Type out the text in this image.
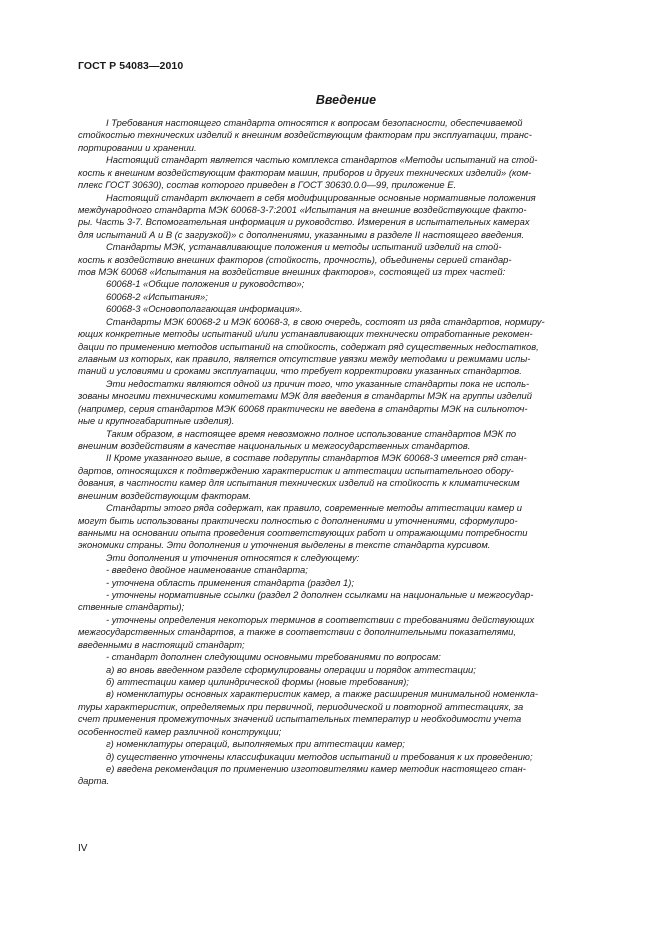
ГОСТ Р 54083—2010
Введение

I Требования настоящего стандарта относятся к вопросам безопасности, обеспечиваемой

стойкостью технических изделий к внешним воздействующим факторам при эксплуатации, транс-

портировании и хранении.

Настоящий стандарт является частью комплекса стандартов «Методы испытаний на стой-

кость к внешним воздействующим факторам машин, приборов и других технических изделий» (ком-

плекс ГОСТ 30630), состав которого приведен в ГОСТ 30630.0.0—99, приложение Е.

Настоящий стандарт включает в себя модифицированные основные нормативные положения

международного стандарта МЭК 60068-3-7:2001 «Испытания на внешние воздействующие факто-

ры. Часть 3-7. Вспомогательная информация и руководство. Измерения в испытательных камерах

для испытаний А и В (с загрузкой)» с дополнениями, указанными в разделе II настоящего введения.

Стандарты МЭК, устанавливающие положения и методы испытаний изделий на стой-

кость к воздействию внешних факторов (стойкость, прочность), объединены серией стандар-

тов МЭК 60068 «Испытания на воздействие внешних факторов», состоящей из трех частей:

60068-1 «Общие положения и руководство»;

60068-2 «Испытания»;

60068-3 «Основополагающая информация».

Стандарты МЭК 60068-2 и МЭК 60068-3, в свою очередь, состоят из ряда стандартов, нормиру-

ющих конкретные методы испытаний и/или устанавливающих технически отработанные рекомен-

дации по применению методов испытаний на стойкость, содержат ряд существенных недостатков,

главным из которых, как правило, является отсутствие увязки между методами и режимами испы-

таний и условиями и сроками эксплуатации, что требует корректировки указанных стандартов.

Эти недостатки являются одной из причин того, что указанные стандарты пока не исполь-

зованы многими техническими комитетами МЭК для введения в стандарты МЭК на группы изделий

(например, серия стандартов МЭК 60068 практически не введена в стандарты МЭК на сильноточ-

ные и крупногабаритные изделия).

Таким образом, в настоящее время невозможно полное использование стандартов МЭК по

внешним воздействиям в качестве национальных и межгосударственных стандартов.

II Кроме указанного выше, в составе подгруппы стандартов МЭК 60068-3 имеется ряд стан-

дартов, относящихся к подтверждению характеристик и аттестации испытательного обору-

дования, в частности камер для испытания технических изделий на стойкость к климатическим

внешним воздействующим факторам.

Стандарты этого ряда содержат, как правило, современные методы аттестации камер и

могут быть использованы практически полностью с дополнениями и уточнениями, сформулиро-

ванными на основании опыта проведения соответствующих работ и отражающими потребности

экономики страны. Эти дополнения и уточнения выделены в тексте стандарта курсивом.

Эти дополнения и уточнения относятся к следующему:

- введено двойное наименование стандарта;

- уточнена область применения стандарта (раздел 1);

- уточнены нормативные ссылки (раздел 2 дополнен ссылками на национальные и межгосудар-

ственные стандарты);

- уточнены определения некоторых терминов в соответствии с требованиями действующих

межгосударственных стандартов, а также в соответствии с дополнительными показателями,

введенными в настоящий стандарт;

- стандарт дополнен следующими основными требованиями по вопросам:

а) во вновь введенном разделе сформулированы операции и порядок аттестации;

б) аттестации камер цилиндрической формы (новые требования);

в) номенклатуры основных характеристик камер, а также расширения минимальной номенкла-

туры характеристик, определяемых при первичной, периодической и повторной аттестациях, за

счет применения промежуточных значений испытательных температур и необходимости учета

особенностей камер различной конструкции;

г) номенклатуры операций, выполняемых при аттестации камер;

д) существенно уточнены классификации методов испытаний и требования к их проведению;

е) введена рекомендация по применению изготовителями камер методик настоящего стан-

дарта.

IV
